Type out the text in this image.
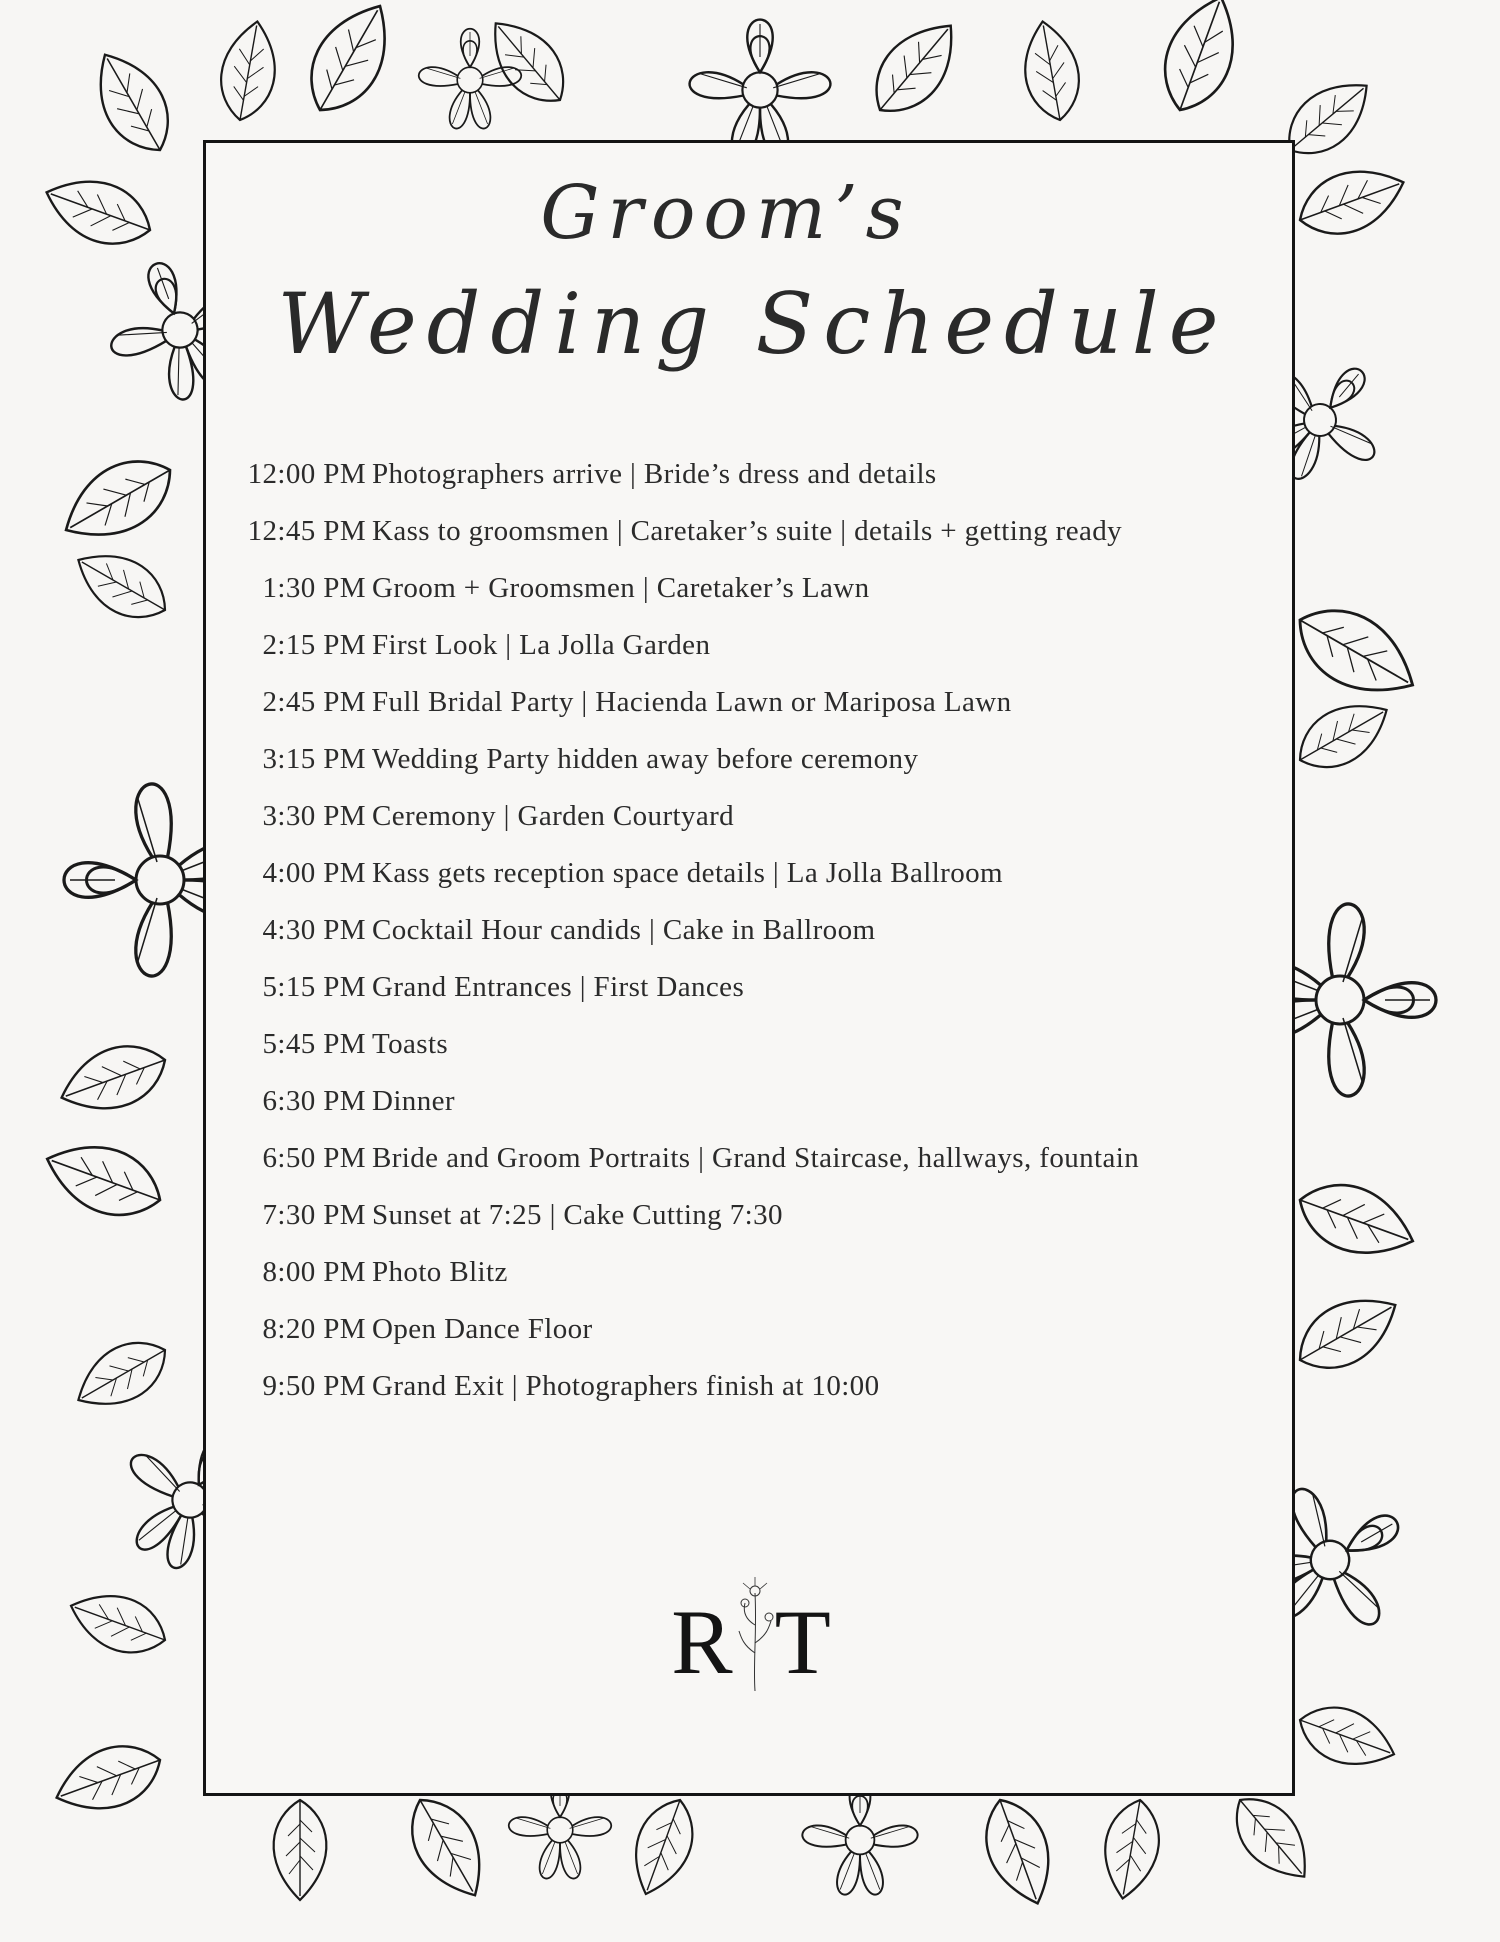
Groom’s
Wedding Schedule
12:00 PM Photographers arrive | Bride’s dress and details
12:45 PM Kass to groomsmen | Caretaker’s suite | details + getting ready
1:30 PM Groom + Groomsmen | Caretaker’s Lawn
2:15 PM First Look | La Jolla Garden
2:45 PM Full Bridal Party | Hacienda Lawn or Mariposa Lawn
3:15 PM Wedding Party hidden away before ceremony
3:30 PM Ceremony | Garden Courtyard
4:00 PM Kass gets reception space details | La Jolla Ballroom
4:30 PM Cocktail Hour candids | Cake in Ballroom
5:15 PM Grand Entrances | First Dances
5:45 PM Toasts
6:30 PM Dinner
6:50 PM Bride and Groom Portraits | Grand Staircase, hallways, fountain
7:30 PM Sunset at 7:25 | Cake Cutting 7:30
8:00 PM Photo Blitz
8:20 PM Open Dance Floor
9:50 PM Grand Exit | Photographers finish at 10:00
R T
